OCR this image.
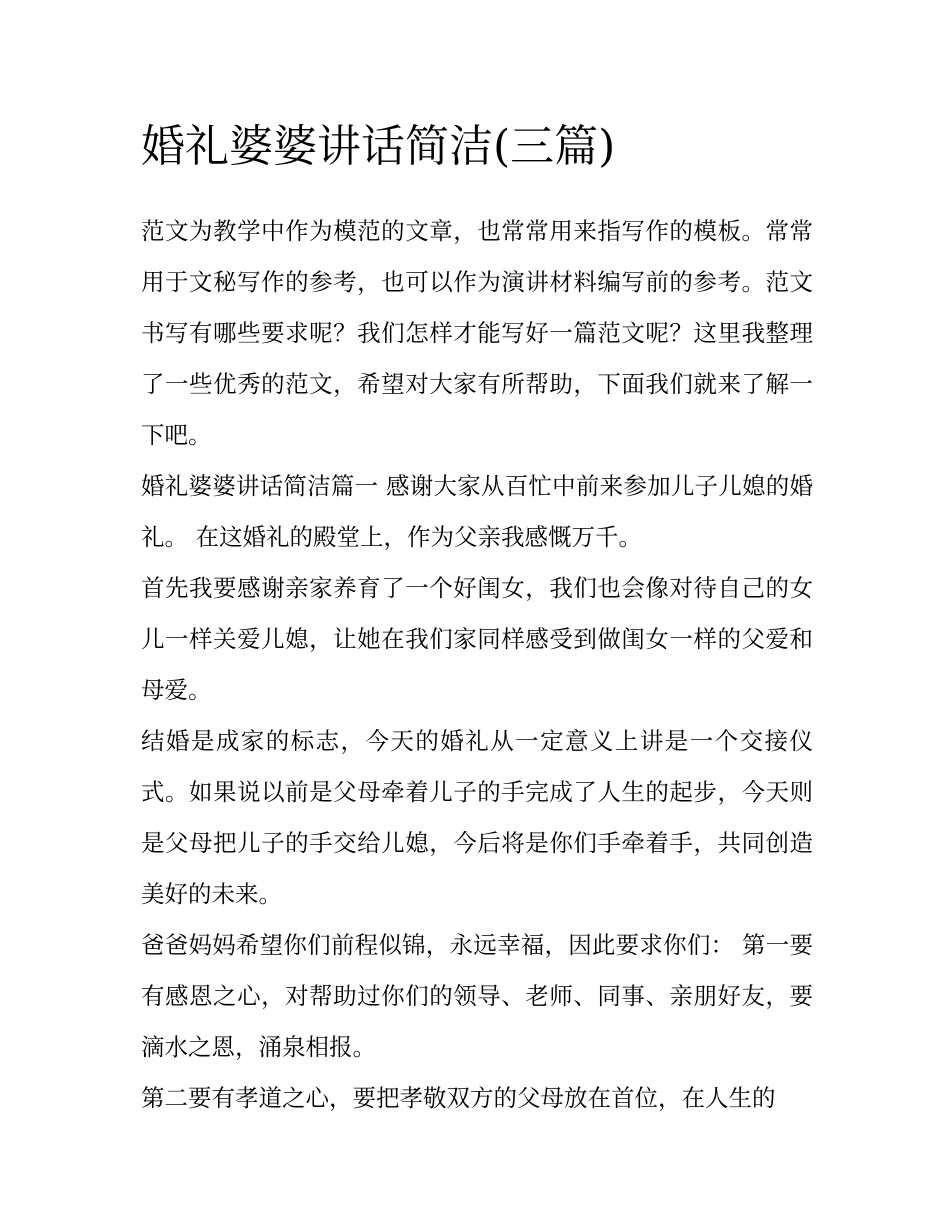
婚礼婆婆讲话简洁(三篇)

范文为教学中作为模范的文章，也常常用来指写作的模板。常常用于文秘写作的参考，也可以作为演讲材料编写前的参考。范文书写有哪些要求呢？我们怎样才能写好一篇范文呢？这里我整理了一些优秀的范文，希望对大家有所帮助，下面我们就来了解一下吧。

婚礼婆婆讲话简洁篇一 感谢大家从百忙中前来参加儿子儿媳的婚礼。 在这婚礼的殿堂上，作为父亲我感慨万千。

首先我要感谢亲家养育了一个好闺女，我们也会像对待自己的女儿一样关爱儿媳，让她在我们家同样感受到做闺女一样的父爱和母爱。

结婚是成家的标志，今天的婚礼从一定意义上讲是一个交接仪式。如果说以前是父母牵着儿子的手完成了人生的起步，今天则是父母把儿子的手交给儿媳，今后将是你们手牵着手，共同创造美好的未来。

爸爸妈妈希望你们前程似锦，永远幸福，因此要求你们： 第一要有感恩之心，对帮助过你们的领导、老师、同事、亲朋好友，要滴水之恩，涌泉相报。

第二要有孝道之心，要把孝敬双方的父母放在首位，在人生的
